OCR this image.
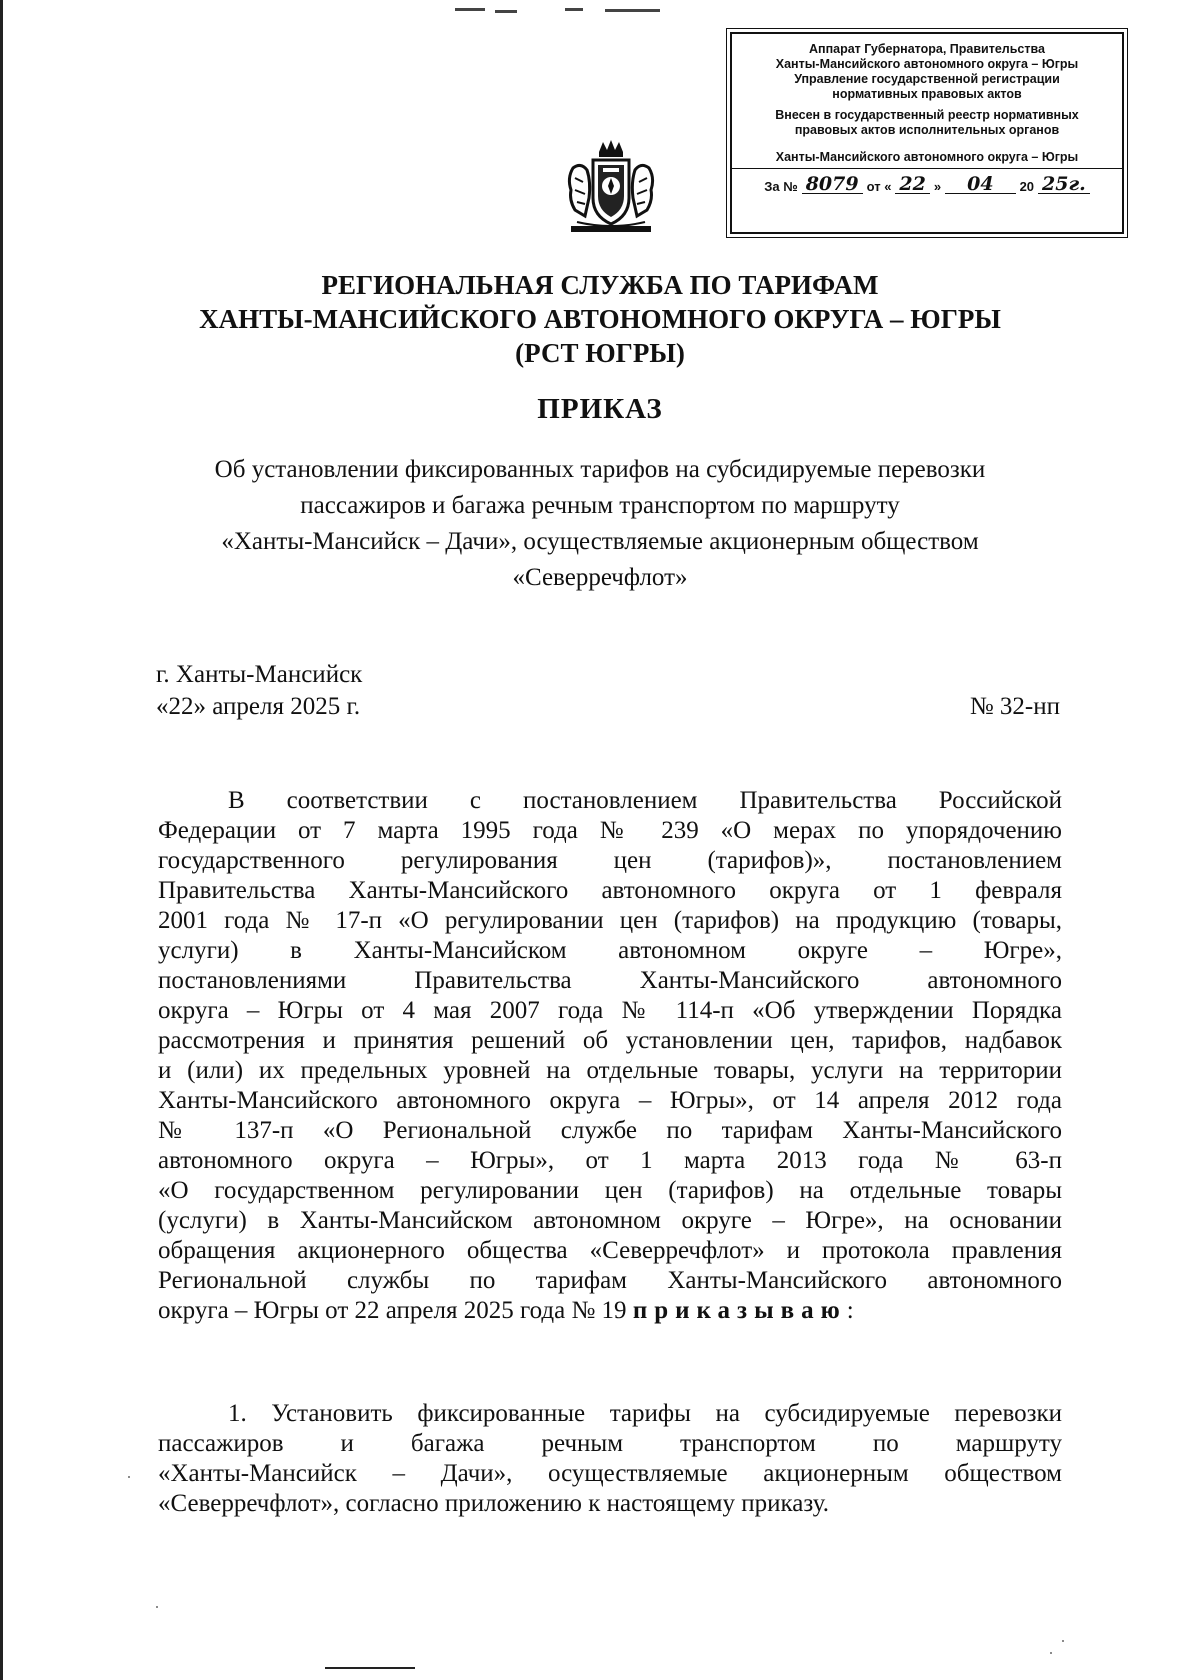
Аппарат Губернатора, Правительства
Ханты-Мансийского автономного округа – Югры
Управление государственной регистрации
нормативных правовых актов
Внесен в государственный реестр нормативных
правовых актов исполнительных органов
Ханты-Мансийского автономного округа – Югры
За № 8079 от « 22 »	04	20 25г.
РЕГИОНАЛЬНАЯ СЛУЖБА ПО ТАРИФАМ
ХАНТЫ-МАНСИЙСКОГО АВТОНОМНОГО ОКРУГА – ЮГРЫ
(РСТ ЮГРЫ)
ПРИКАЗ
Об установлении фиксированных тарифов на субсидируемые перевозки
пассажиров и багажа речным транспортом по маршруту
«Ханты-Мансийск – Дачи», осуществляемые акционерным обществом
«Северречфлот»
г. Ханты-Мансийск
«22» апреля 2025 г.	№ 32-нп
В соответствии с постановлением Правительства Российской
Федерации от 7 марта 1995 года № 239 «О мерах по упорядочению
государственного регулирования цен (тарифов)», постановлением
Правительства Ханты-Мансийского автономного округа от 1 февраля
2001 года № 17-п «О регулировании цен (тарифов) на продукцию (товары,
услуги) в Ханты-Мансийском автономном округе – Югре»,
постановлениями Правительства Ханты-Мансийского автономного
округа – Югры от 4 мая 2007 года № 114-п «Об утверждении Порядка
рассмотрения и принятия решений об установлении цен, тарифов, надбавок
и (или) их предельных уровней на отдельные товары, услуги на территории
Ханты-Мансийского автономного округа – Югры», от 14 апреля 2012 года
№ 137-п «О Региональной службе по тарифам Ханты-Мансийского
автономного округа – Югры», от 1 марта 2013 года № 63-п
«О государственном регулировании цен (тарифов) на отдельные товары
(услуги) в Ханты-Мансийском автономном округе – Югре», на основании
обращения акционерного общества «Северречфлот» и протокола правления
Региональной службы по тарифам Ханты-Мансийского автономного
округа – Югры от 22 апреля 2025 года № 19 приказываю:
1. Установить фиксированные тарифы на субсидируемые перевозки
пассажиров и багажа речным транспортом по маршруту
«Ханты-Мансийск – Дачи», осуществляемые акционерным обществом
«Северречфлот», согласно приложению к настоящему приказу.
